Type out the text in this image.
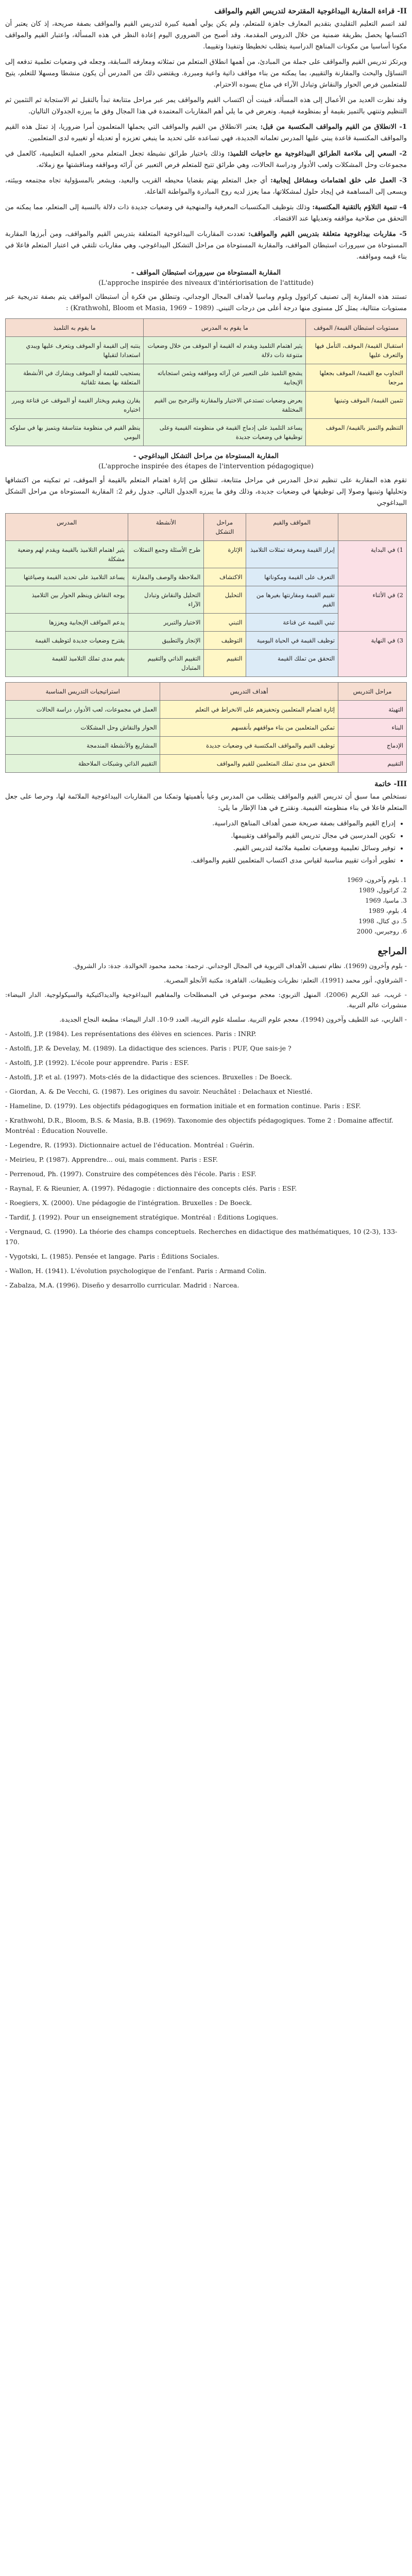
II- قراءة المقاربة البيداغوجية المقترحة لتدريس القيم والمواقف

لقد اتسم التعليم التقليدي بتقديم المعارف جاهزة للمتعلم، ولم يكن يولي أهمية كبيرة لتدريس القيم والمواقف بصفة صريحة، إذ كان يعتبر أن اكتسابها يحصل بطريقة ضمنية من خلال الدروس المقدمة. وقد أصبح من الضروري اليوم إعادة النظر في هذه المسألة، واعتبار القيم والمواقف مكونا أساسيا من مكونات المناهج الدراسية يتطلب تخطيطا وتنفيذا وتقييما.

ويرتكز تدريس القيم والمواقف على جملة من المبادئ، من أهمها انطلاق المتعلم من تمثلاته ومعارفه السابقة، وجعله في وضعيات تعلمية تدفعه إلى التساؤل والبحث والمقارنة والتقييم، بما يمكنه من بناء مواقف ذاتية واعية ومبررة. ويقتضي ذلك من المدرس أن يكون منشطا ومسهلا للتعلم، يتيح للمتعلمين فرص الحوار والنقاش وتبادل الآراء في مناخ يسوده الاحترام.

وقد نظرت العديد من الأعمال إلى هذه المسألة، فبينت أن اكتساب القيم والمواقف يمر عبر مراحل متتابعة تبدأ بالتقبل ثم الاستجابة ثم التثمين ثم التنظيم وتنتهي بالتميز بقيمة أو بمنظومة قيمية. ونعرض في ما يلي أهم المقاربات المعتمدة في هذا المجال وفق ما يبرزه الجدولان التاليان.

1- الانطلاق من القيم والمواقف المكتسبة من قبل: يعتبر الانطلاق من القيم والمواقف التي يحملها المتعلمون أمرا ضروريا، إذ تمثل هذه القيم والمواقف المكتسبة قاعدة يبني عليها المدرس تعلماته الجديدة، فهي تساعده على تحديد ما ينبغي تعزيزه أو تعديله أو تغييره لدى المتعلمين.

2- السعي إلى ملاءمة الطرائق البيداغوجية مع حاجيات التلميذ: وذلك باختيار طرائق نشيطة تجعل المتعلم محور العملية التعليمية، كالعمل في مجموعات وحل المشكلات ولعب الأدوار ودراسة الحالات، وهي طرائق تتيح للمتعلم فرص التعبير عن آرائه ومواقفه ومناقشتها مع زملائه.

3- العمل على خلق اهتمامات ومشاغل إيجابية: أي جعل المتعلم يهتم بقضايا محيطه القريب والبعيد، ويشعر بالمسؤولية تجاه مجتمعه وبيئته، ويسعى إلى المساهمة في إيجاد حلول لمشكلاتها، مما يعزز لديه روح المبادرة والمواطنة الفاعلة.

4- تنمية التلاؤم بالتقنية المكتسبة: وذلك بتوظيف المكتسبات المعرفية والمنهجية في وضعيات جديدة ذات دلالة بالنسبة إلى المتعلم، مما يمكنه من التحقق من صلاحية مواقفه وتعديلها عند الاقتضاء.

5- مقاربات بيداغوجية متعلقة بتدريس القيم والمواقف: تعددت المقاربات البيداغوجية المتعلقة بتدريس القيم والمواقف، ومن أبرزها المقاربة المستوحاة من سيرورات استبطان المواقف، والمقاربة المستوحاة من مراحل التشكل البيداغوجي، وهي مقاربات تلتقي في اعتبار المتعلم فاعلا في بناء قيمه ومواقفه.

- المقاربة المستوحاة من سيرورات استبطان المواقف
(L'approche inspirée des niveaux d'intériorisation de l'attitude)

تستند هذه المقاربة إلى تصنيف كراثوول وبلوم وماسيا لأهداف المجال الوجداني، وتنطلق من فكرة أن استبطان المواقف يتم بصفة تدريجية عبر مستويات متتالية، يمثل كل مستوى منها درجة أعلى من درجات التبني. (Krathwohl, Bloom et Masia, 1969 – 1989) :

مستويات استبطان القيمة/ الموقف	ما يقوم به المدرس	ما يقوم به التلميذ
استقبال القيمة/ الموقف، التأمل فيها والتعرف عليها	يثير اهتمام التلميذ ويقدم له القيمة أو الموقف من خلال وضعيات متنوعة ذات دلالة	ينتبه إلى القيمة أو الموقف ويتعرف عليها ويبدي استعدادا لتقبلها
التجاوب مع القيمة/ الموقف بجعلها مرجعا	يشجع التلميذ على التعبير عن آرائه ومواقفه ويثمن استجاباته الإيجابية	يستجيب للقيمة أو الموقف ويشارك في الأنشطة المتعلقة بها بصفة تلقائية
تثمين القيمة/ الموقف وتبنيها	يعرض وضعيات تستدعي الاختيار والمقارنة والترجيح بين القيم المختلفة	يقارن ويقيم ويختار القيمة أو الموقف عن قناعة ويبرر اختياره
التنظيم والتميز بالقيمة/ الموقف	يساعد التلميذ على إدماج القيمة في منظومته القيمية وعلى توظيفها في وضعيات جديدة	ينظم القيم في منظومة متناسقة ويتميز بها في سلوكه اليومي
- المقاربة المستوحاة من مراحل التشكل البيداغوجي
(L'approche inspirée des étapes de l'intervention pédagogique)

تقوم هذه المقاربة على تنظيم تدخل المدرس في مراحل متتابعة، تنطلق من إثارة اهتمام المتعلم بالقيمة أو الموقف، ثم تمكينه من اكتشافها وتحليلها وتبنيها وصولا إلى توظيفها في وضعيات جديدة، وذلك وفق ما يبرزه الجدول التالي. جدول رقم 2: المقاربة المستوحاة من مراحل التشكل البيداغوجي

	المواقف والقيم	مراحل التشكل	الأنشطة	المدرس
1) في البداية	إبراز القيمة ومعرفة تمثلات التلاميذ	الإثارة	طرح الأسئلة وجمع التمثلات	يثير اهتمام التلاميذ بالقيمة ويقدم لهم وضعية مشكلة
	التعرف على القيمة ومكوناتها	الاكتشاف	الملاحظة والوصف والمقارنة	يساعد التلاميذ على تحديد القيمة وصياغتها
2) في الأثناء	تقييم القيمة ومقارنتها بغيرها من القيم	التحليل	التحليل والنقاش وتبادل الآراء	يوجه النقاش وينظم الحوار بين التلاميذ
	تبني القيمة عن قناعة	التبني	الاختيار والتبرير	يدعم المواقف الإيجابية ويعززها
3) في النهاية	توظيف القيمة في الحياة اليومية	التوظيف	الإنجاز والتطبيق	يقترح وضعيات جديدة لتوظيف القيمة
	التحقق من تملك القيمة	التقييم	التقييم الذاتي والتقييم المتبادل	يقيم مدى تملك التلاميذ للقيمة
مراحل التدريس	أهداف التدريس	استراتيجيات التدريس المناسبة
التهيئة	إثارة اهتمام المتعلمين وتحفيزهم على الانخراط في التعلم	العمل في مجموعات، لعب الأدوار، دراسة الحالات
البناء	تمكين المتعلمين من بناء مواقفهم بأنفسهم	الحوار والنقاش وحل المشكلات
الإدماج	توظيف القيم والمواقف المكتسبة في وضعيات جديدة	المشاريع والأنشطة المندمجة
التقييم	التحقق من مدى تملك المتعلمين للقيم والمواقف	التقييم الذاتي وشبكات الملاحظة
III- خاتمة

نستخلص مما سبق أن تدريس القيم والمواقف يتطلب من المدرس وعيا بأهميتها وتمكنا من المقاربات البيداغوجية الملائمة لها، وحرصا على جعل المتعلم فاعلا في بناء منظومته القيمية. ونقترح في هذا الإطار ما يلي:

• إدراج القيم والمواقف بصفة صريحة ضمن أهداف المناهج الدراسية.
• تكوين المدرسين في مجال تدريس القيم والمواقف وتقييمها.
• توفير وسائل تعليمية ووضعيات تعلمية ملائمة لتدريس القيم.
• تطوير أدوات تقييم مناسبة لقياس مدى اكتساب المتعلمين للقيم والمواقف.
1. بلوم وآخرون، 1969
2. كراثوول، 1989
3. ماسيا، 1969
4. بلوم، 1989
5. دي كتال، 1998
6. روجيرس، 2000
المراجع

- بلوم وآخرون (1969). نظام تصنيف الأهداف التربوية في المجال الوجداني. ترجمة: محمد محمود الخوالدة. جدة: دار الشروق.

- الشرقاوي، أنور محمد (1991). التعلم: نظريات وتطبيقات. القاهرة: مكتبة الأنجلو المصرية.

- غريب، عبد الكريم (2006). المنهل التربوي: معجم موسوعي في المصطلحات والمفاهيم البيداغوجية والديداكتيكية والسيكولوجية. الدار البيضاء: منشورات عالم التربية.

- الفاربي، عبد اللطيف وآخرون (1994). معجم علوم التربية. سلسلة علوم التربية، العدد 9-10. الدار البيضاء: مطبعة النجاح الجديدة.

- Astolfi, J.P. (1984). Les représentations des élèves en sciences. Paris : INRP.

- Astolfi, J.P. & Develay, M. (1989). La didactique des sciences. Paris : PUF, Que sais-je ?

- Astolfi, J.P. (1992). L'école pour apprendre. Paris : ESF.

- Astolfi, J.P. et al. (1997). Mots-clés de la didactique des sciences. Bruxelles : De Boeck.

- Giordan, A. & De Vecchi, G. (1987). Les origines du savoir. Neuchâtel : Delachaux et Niestlé.

- Hameline, D. (1979). Les objectifs pédagogiques en formation initiale et en formation continue. Paris : ESF.

- Krathwohl, D.R., Bloom, B.S. & Masia, B.B. (1969). Taxonomie des objectifs pédagogiques. Tome 2 : Domaine affectif. Montréal : Éducation Nouvelle.

- Legendre, R. (1993). Dictionnaire actuel de l'éducation. Montréal : Guérin.

- Meirieu, P. (1987). Apprendre... oui, mais comment. Paris : ESF.

- Perrenoud, Ph. (1997). Construire des compétences dès l'école. Paris : ESF.

- Raynal, F. & Rieunier, A. (1997). Pédagogie : dictionnaire des concepts clés. Paris : ESF.

- Roegiers, X. (2000). Une pédagogie de l'intégration. Bruxelles : De Boeck.

- Tardif, J. (1992). Pour un enseignement stratégique. Montréal : Éditions Logiques.

- Vergnaud, G. (1990). La théorie des champs conceptuels. Recherches en didactique des mathématiques, 10 (2-3), 133-170.

- Vygotski, L. (1985). Pensée et langage. Paris : Éditions Sociales.

- Wallon, H. (1941). L'évolution psychologique de l'enfant. Paris : Armand Colin.

- Zabalza, M.A. (1996). Diseño y desarrollo curricular. Madrid : Narcea.
